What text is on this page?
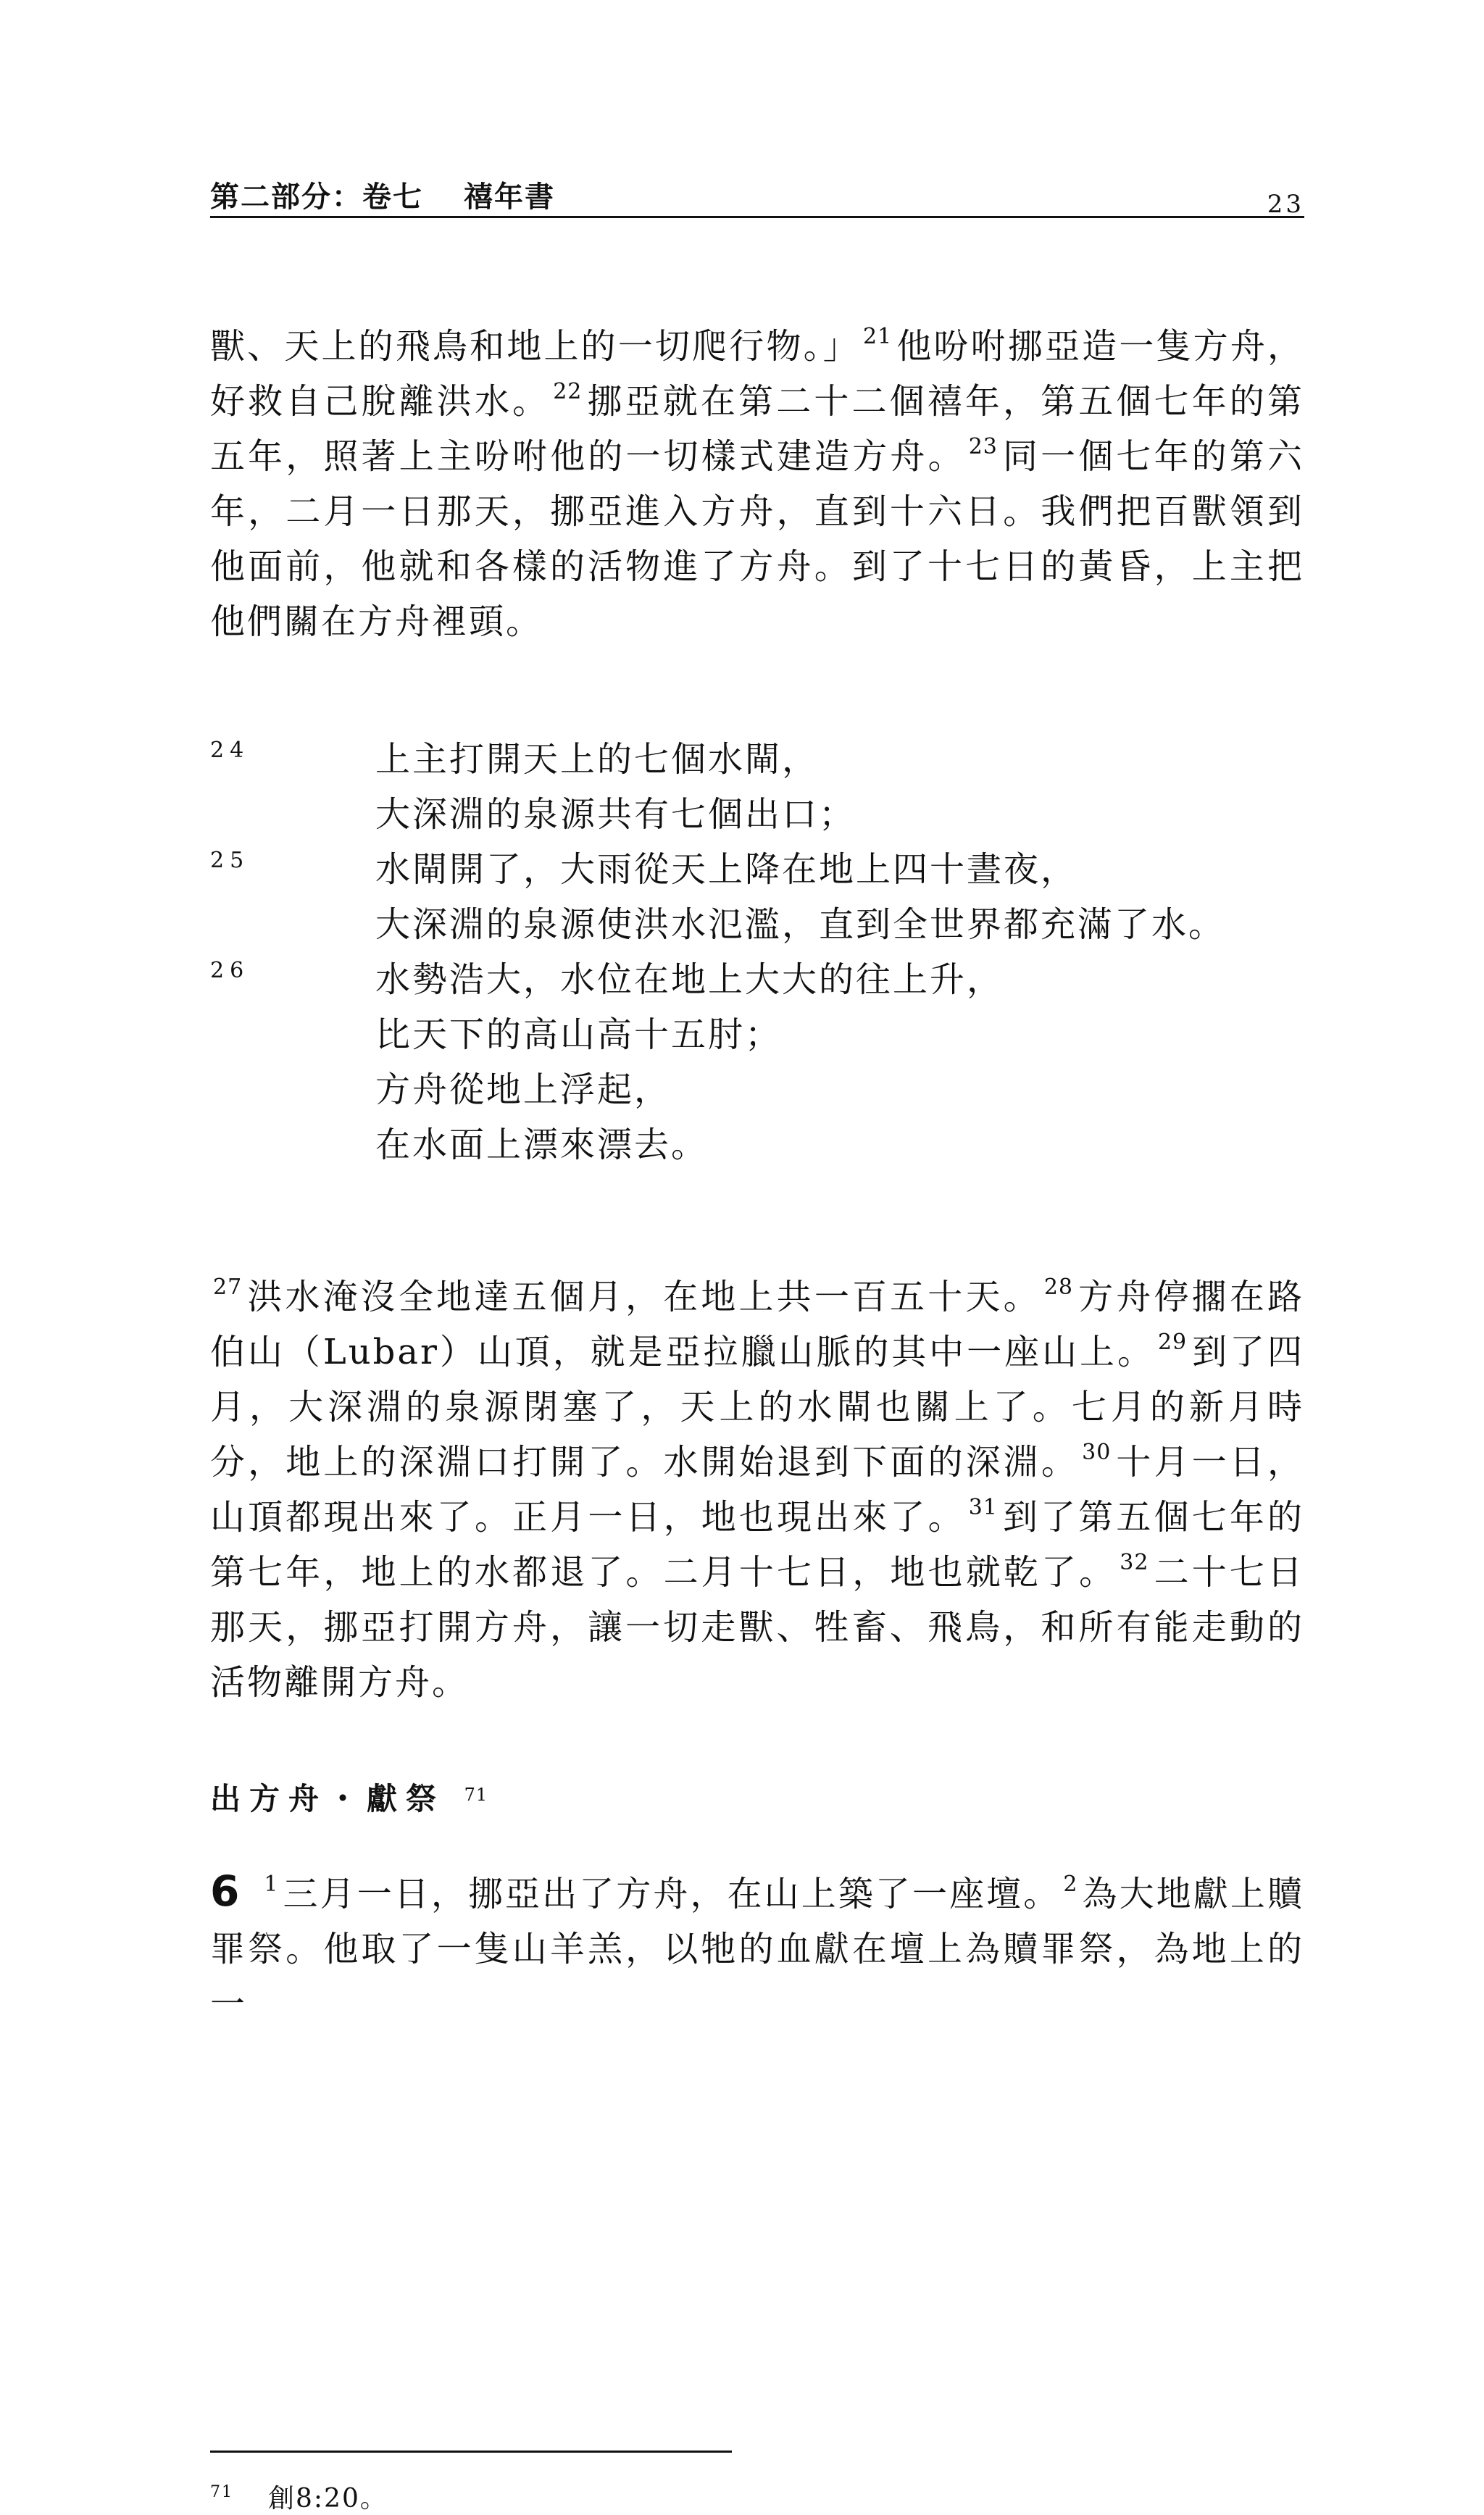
第二部分：卷七 禧年書	23

獸、天上的飛鳥和地上的一切爬行物。」 $^{21}$ 他吩咐挪亞造一隻方舟，好救自己脫離洪水。 $^{22}$ 挪亞就在第二十二個禧年，第五個七年的第五年，照著上主吩咐他的一切樣式建造方舟。 $^{23}$ 同一個七年的第六年，二月一日那天，挪亞進入方舟，直到十六日。我們把百獸領到他面前，他就和各樣的活物進了方舟。到了十七日的黃昏，上主把他們關在方舟裡頭。

24	上主打開天上的七個水閘，
大深淵的泉源共有七個出口；
25	水閘開了，大雨從天上降在地上四十晝夜，
大深淵的泉源使洪水氾濫，直到全世界都充滿了水。
26	水勢浩大，水位在地上大大的往上升，
比天下的高山高十五肘；
方舟從地上浮起，
在水面上漂來漂去。

$^{27}$ 洪水淹沒全地達五個月，在地上共一百五十天。 $^{28}$ 方舟停擱在路伯山（Lubar）山頂，就是亞拉臘山脈的其中一座山上。 $^{29}$ 到了四月，大深淵的泉源閉塞了，天上的水閘也關上了。七月的新月時分，地上的深淵口打開了。水開始退到下面的深淵。 $^{30}$ 十月一日，山頂都現出來了。正月一日，地也現出來了。 $^{31}$ 到了第五個七年的第七年，地上的水都退了。二月十七日，地也就乾了。 $^{32}$ 二十七日那天，挪亞打開方舟，讓一切走獸、牲畜、飛鳥，和所有能走動的活物離開方舟。

出方舟・獻祭 $^{71}$

6 $^1$ 三月一日，挪亞出了方舟，在山上築了一座壇。 $^2$ 為大地獻上贖罪祭。他取了一隻山羊羔，以牠的血獻在壇上為贖罪祭，為地上的一

$^{71}$ 創8:20。
